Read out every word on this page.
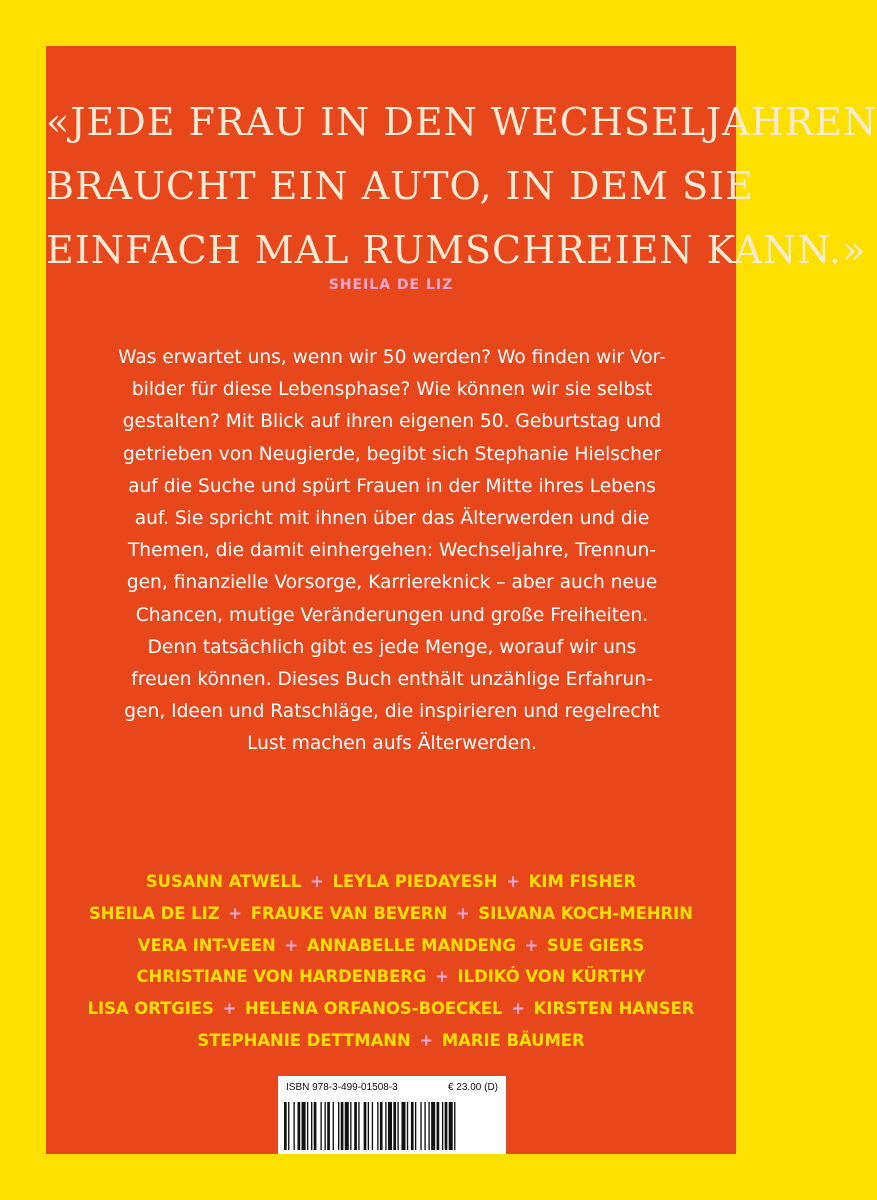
«JEDE FRAU IN DEN WECHSELJAHREN
BRAUCHT EIN AUTO, IN DEM SIE
EINFACH MAL RUMSCHREIEN KANN.»
SHEILA DE LIZ
Was erwartet uns, wenn wir 50 werden? Wo finden wir Vor-
bilder für diese Lebensphase? Wie können wir sie selbst
gestalten? Mit Blick auf ihren eigenen 50. Geburtstag und
getrieben von Neugierde, begibt sich Stephanie Hielscher
auf die Suche und spürt Frauen in der Mitte ihres Lebens
auf. Sie spricht mit ihnen über das Älterwerden und die
Themen, die damit einhergehen: Wechseljahre, Trennun-
gen, finanzielle Vorsorge, Karriereknick – aber auch neue
Chancen, mutige Veränderungen und große Freiheiten.
Denn tatsächlich gibt es jede Menge, worauf wir uns
freuen können. Dieses Buch enthält unzählige Erfahrun-
gen, Ideen und Ratschläge, die inspirieren und regelrecht
Lust machen aufs Älterwerden.
SUSANN ATWELL + LEYLA PIEDAYESH + KIM FISHER
SHEILA DE LIZ + FRAUKE VAN BEVERN + SILVANA KOCH-MEHRIN
VERA INT-VEEN + ANNABELLE MANDENG + SUE GIERS
CHRISTIANE VON HARDENBERG + ILDIKÓ VON KÜRTHY
LISA ORTGIES + HELENA ORFANOS-BOECKEL + KIRSTEN HANSER
STEPHANIE DETTMANN + MARIE BÄUMER
ISBN 978-3-499-01508-3	€ 23.00 (D)
